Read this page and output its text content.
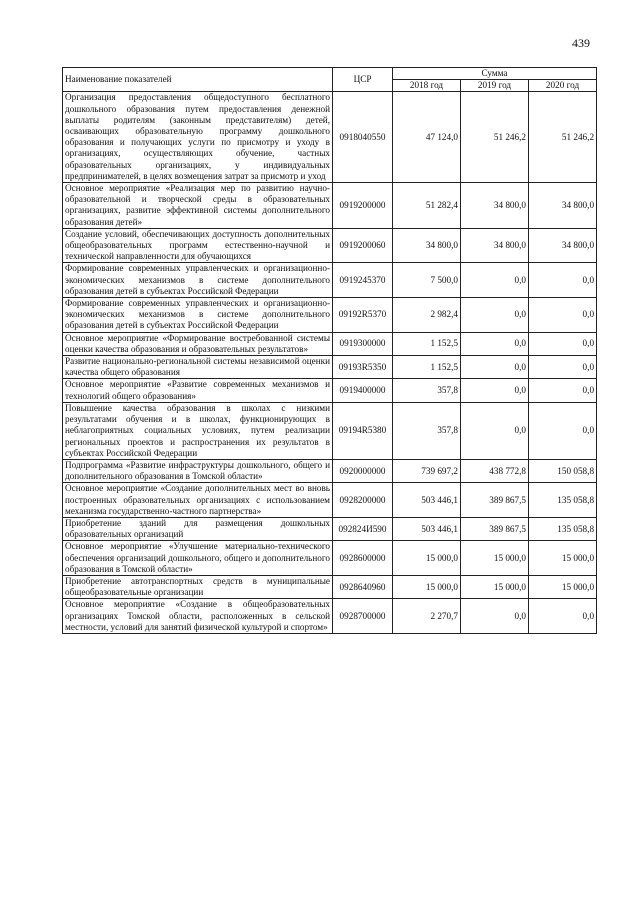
439
Наименование показателей	ЦСР	Сумма		
		2018 год	2019 год	2020 год
Организация предоставления общедоступного бесплатного дошкольного образования путем предоставления денежной выплаты родителям (законным представителям) детей, осваивающих образовательную программу дошкольного образования и получающих услуги по присмотру и уходу в организациях, осуществляющих обучение, частных образовательных организациях, у индивидуальных предпринимателей, в целях возмещения затрат за присмотр и уход	0918040550	47 124,0	51 246,2	51 246,2
Основное мероприятие «Реализация мер по развитию научно-образовательной и творческой среды в образовательных организациях, развитие эффективной системы дополнительного образования детей»	0919200000	51 282,4	34 800,0	34 800,0
Создание условий, обеспечивающих доступность дополнительных общеобразовательных программ естественно-научной и технической направленности для обучающихся	0919200060	34 800,0	34 800,0	34 800,0
Формирование современных управленческих и организационно-экономических механизмов в системе дополнительного образования детей в субъектах Российской Федерации	0919245370	7 500,0	0,0	0,0
Формирование современных управленческих и организационно-экономических механизмов в системе дополнительного образования детей в субъектах Российской Федерации	09192R5370	2 982,4	0,0	0,0
Основное мероприятие «Формирование востребованной системы оценки качества образования и образовательных результатов»	0919300000	1 152,5	0,0	0,0
Развитие национально-региональной системы независимой оценки качества общего образования	09193R5350	1 152,5	0,0	0,0
Основное мероприятие «Развитие современных механизмов и технологий общего образования»	0919400000	357,8	0,0	0,0
Повышение качества образования в школах с низкими результатами обучения и в школах, функционирующих в неблагоприятных социальных условиях, путем реализации региональных проектов и распространения их результатов в субъектах Российской Федерации	09194R5380	357,8	0,0	0,0
Подпрограмма «Развитие инфраструктуры дошкольного, общего и дополнительного образования в Томской области»	0920000000	739 697,2	438 772,8	150 058,8
Основное мероприятие «Создание дополнительных мест во вновь построенных образовательных организациях с использованием механизма государственно-частного партнерства»	0928200000	503 446,1	389 867,5	135 058,8
Приобретение зданий для размещения дошкольных образовательных организаций	092824И590	503 446,1	389 867,5	135 058,8
Основное мероприятие «Улучшение материально-технического обеспечения организаций дошкольного, общего и дополнительного образования в Томской области»	0928600000	15 000,0	15 000,0	15 000,0
Приобретение автотранспортных средств в муниципальные общеобразовательные организации	0928640960	15 000,0	15 000,0	15 000,0
Основное мероприятие «Создание в общеобразовательных организациях Томской области, расположенных в сельской местности, условий для занятий физической культурой и спортом»	0928700000	2 270,7	0,0	0,0
